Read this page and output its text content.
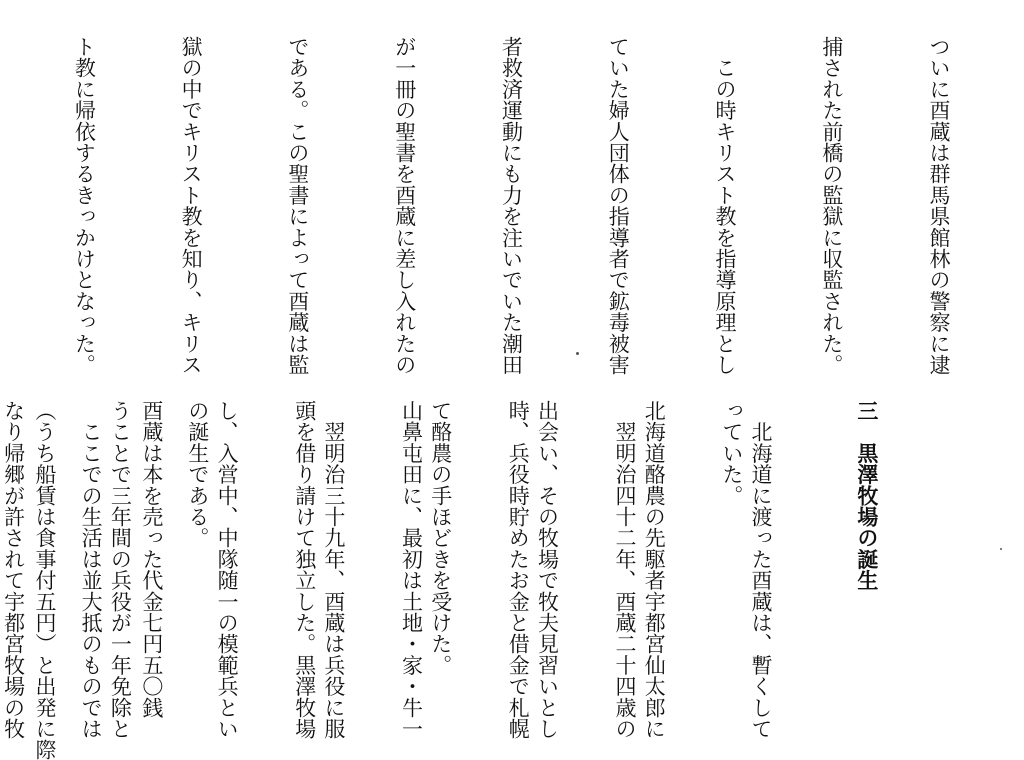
ついに酉蔵は群馬県館林の警察に逮

捕された前橋の監獄に収監された。

　この時キリスト教を指導原理とし

ていた婦人団体の指導者で鉱毒被害

者救済運動にも力を注いでいた潮田

が一冊の聖書を酉蔵に差し入れたの

である。この聖書によって酉蔵は監

獄の中でキリスト教を知り、キリス

ト教に帰依するきっかけとなった。

酉蔵は本を売った代金七円五〇銭

（うち船賃は食事付五円）と出発に際

	三　黒澤牧場の誕生

　北海道に渡った酉蔵は、暫くして

北海道酪農の先駆者宇都宮仙太郎に

出会い、その牧場で牧夫見習いとし

て酪農の手ほどきを受けた。

　翌明治三十九年、酉蔵は兵役に服

し、入営中、中隊随一の模範兵とい

うことで三年間の兵役が一年免除と

なり帰郷が許されて宇都宮牧場の牧

	っていた。

　翌明治四十二年、酉蔵二十四歳の

時、兵役時貯めたお金と借金で札幌

山鼻屯田に、最初は土地・家・牛一

頭を借り請けて独立した。黒澤牧場

の誕生である。

　ここでの生活は並大抵のものでは
